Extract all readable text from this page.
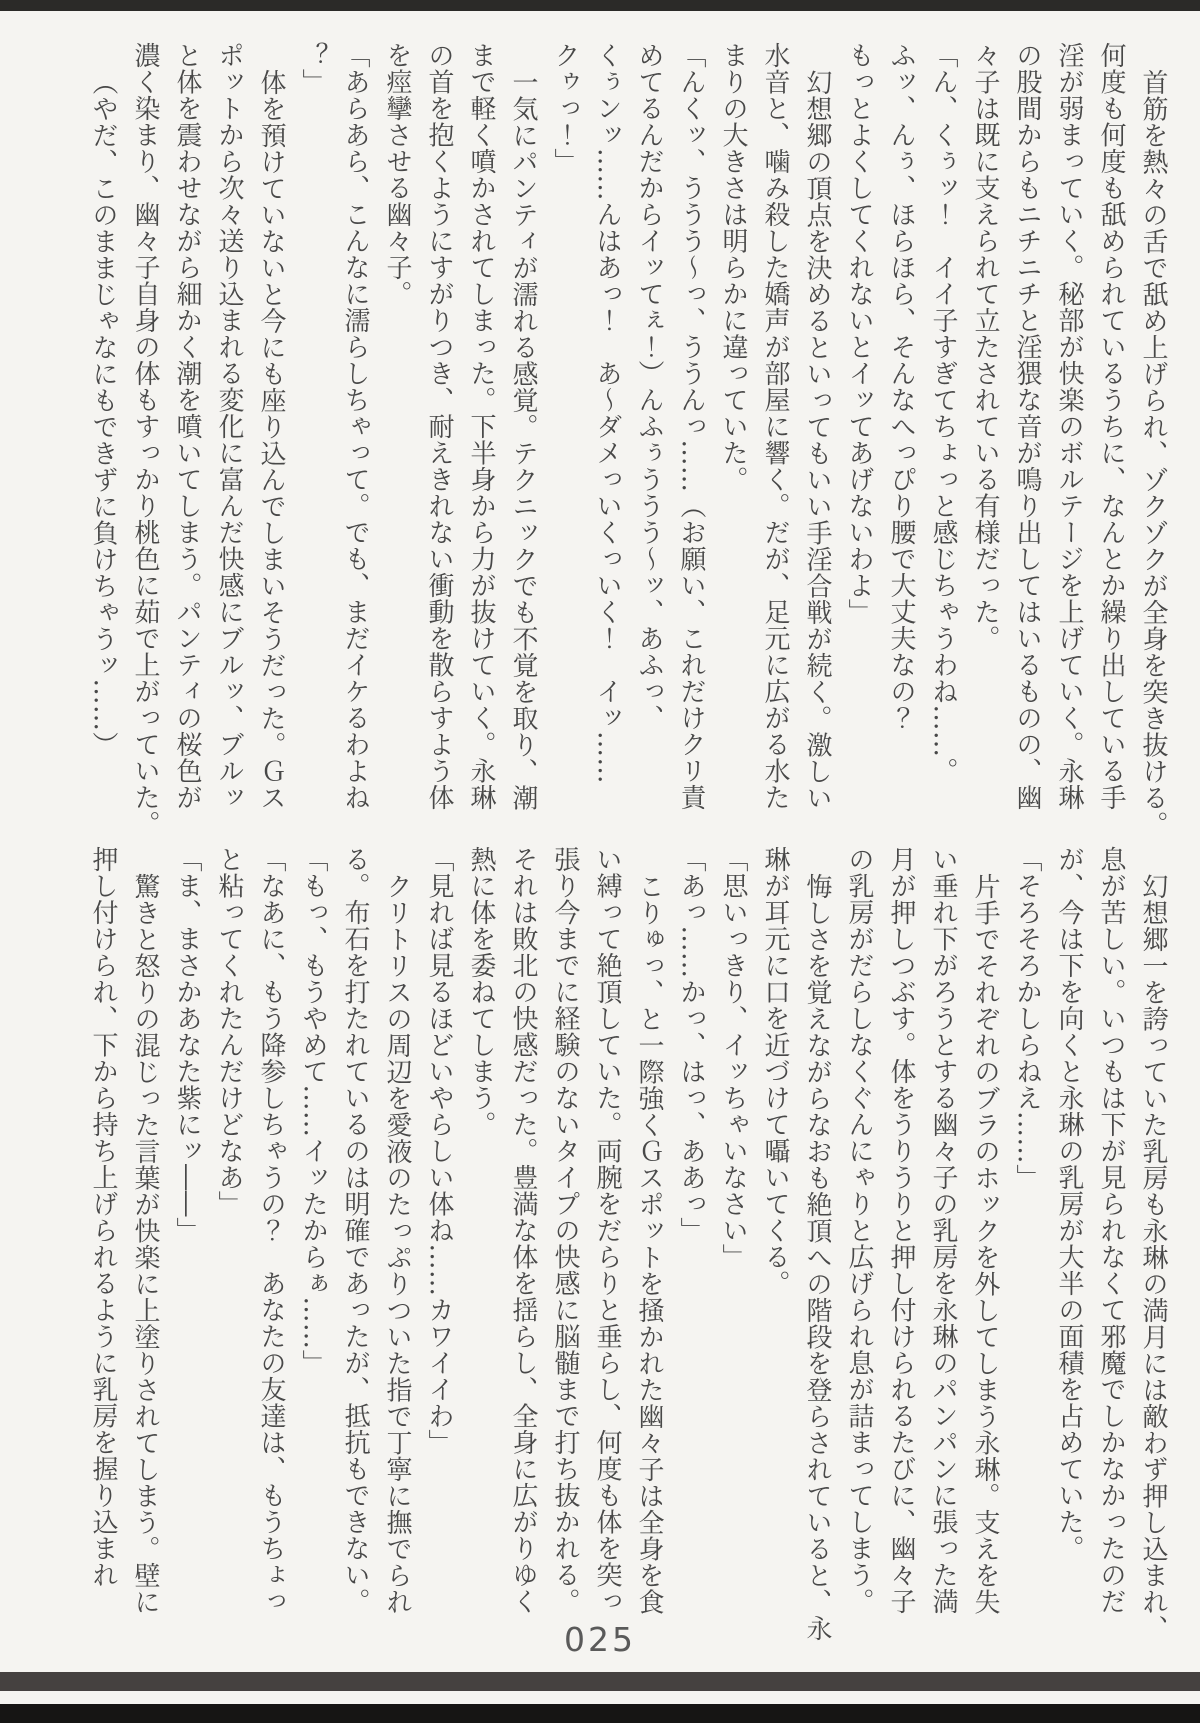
首筋を熱々の舌で舐め上げられ、ゾクゾクが全身を突き抜ける。
何度も何度も舐められているうちに、なんとか繰り出している手
淫が弱まっていく。秘部が快楽のボルテージを上げていく。永琳
の股間からもニチニチと淫猥な音が鳴り出してはいるものの、幽
々子は既に支えられて立たされている有様だった。
「ん、くぅッ！　イイ子すぎてちょっと感じちゃうわね……。
ふッ、んぅ、ほらほら、そんなへっぴり腰で大丈夫なの？
もっとよくしてくれないとイッてあげないわよ」
幻想郷の頂点を決めるといってもいい手淫合戦が続く。激しい
水音と、噛み殺した嬌声が部屋に響く。だが、足元に広がる水た
まりの大きさは明らかに違っていた。
「んくッ、ううう〜っ、ううんっ……（お願い、これだけクリ責
めてるんだからイッてぇ！）んふぅううう〜ッ、あふっ、
くぅンッ……んはあっ！　あ〜ダメっいくっいく！　イッ……
クゥっ！」
一気にパンティが濡れる感覚。テクニックでも不覚を取り、潮
まで軽く噴かされてしまった。下半身から力が抜けていく。永琳
の首を抱くようにすがりつき、耐えきれない衝動を散らすよう体
を痙攣させる幽々子。
「あらあら、こんなに濡らしちゃって。でも、まだイケるわよね
？」
体を預けていないと今にも座り込んでしまいそうだった。Ｇス
ポットから次々送り込まれる変化に富んだ快感にブルッ、ブルッ
と体を震わせながら細かく潮を噴いてしまう。パンティの桜色が
濃く染まり、幽々子自身の体もすっかり桃色に茹で上がっていた。
（やだ、このままじゃなにもできずに負けちゃうッ……）
幻想郷一を誇っていた乳房も永琳の満月には敵わず押し込まれ、
息が苦しい。いつもは下が見られなくて邪魔でしかなかったのだ
が、今は下を向くと永琳の乳房が大半の面積を占めていた。
「そろそろかしらねえ……」
片手でそれぞれのブラのホックを外してしまう永琳。支えを失
い垂れ下がろうとする幽々子の乳房を永琳のパンパンに張った満
月が押しつぶす。体をうりうりと押し付けられるたびに、幽々子
の乳房がだらしなくぐんにゃりと広げられ息が詰まってしまう。
悔しさを覚えながらなおも絶頂への階段を登らされていると、永
琳が耳元に口を近づけて囁いてくる。
「思いっきり、イッちゃいなさい」
「あっ……かっ、はっ、ああっ」
こりゅっ、と一際強くＧスポットを掻かれた幽々子は全身を食
い縛って絶頂していた。両腕をだらりと垂らし、何度も体を突っ
張り今までに経験のないタイプの快感に脳髄まで打ち抜かれる。
それは敗北の快感だった。豊満な体を揺らし、全身に広がりゆく
熱に体を委ねてしまう。
「見れば見るほどいやらしい体ね……カワイイわ」
クリトリスの周辺を愛液のたっぷりついた指で丁寧に撫でられ
る。布石を打たれているのは明確であったが、抵抗もできない。
「もっ、もうやめて……イッたからぁ……」
「なあに、もう降参しちゃうの？　あなたの友達は、もうちょっ
と粘ってくれたんだけどなあ」
「ま、まさかあなた紫にッ――」
驚きと怒りの混じった言葉が快楽に上塗りされてしまう。壁に
押し付けられ、下から持ち上げられるように乳房を握り込まれ
025
